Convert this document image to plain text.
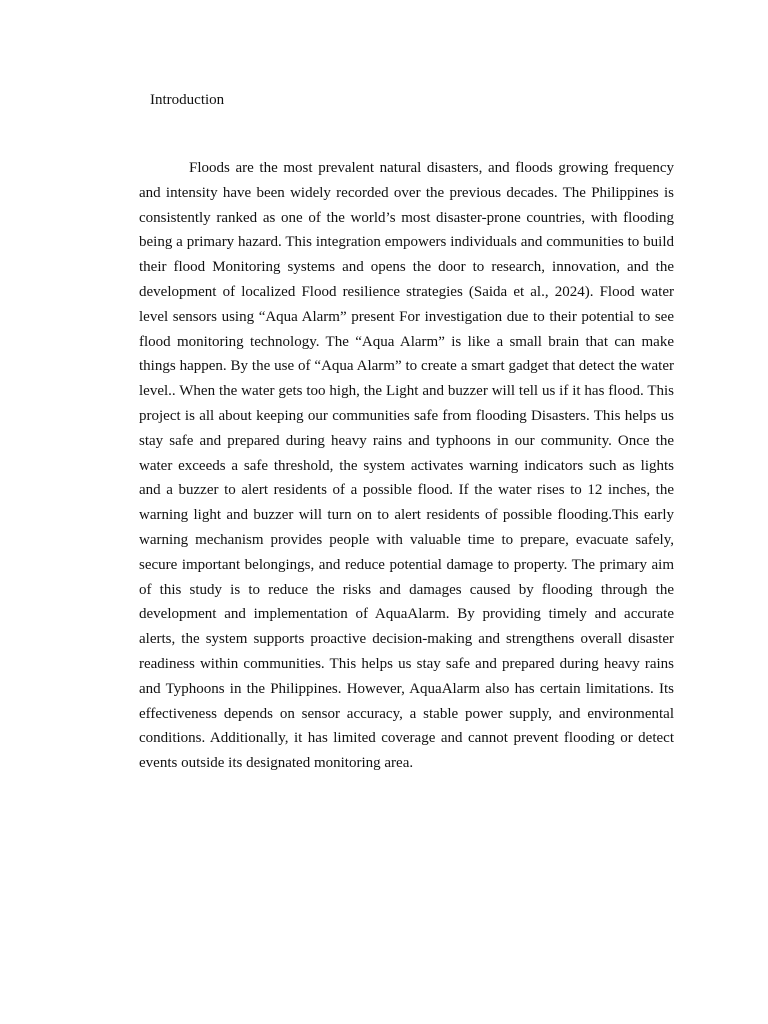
Introduction

Floods are the most prevalent natural disasters, and floods growing frequency and intensity have been widely recorded over the previous decades. The Philippines is consistently ranked as one of the world’s most disaster-prone countries, with flooding being a primary hazard. This integration empowers individuals and communities to build their flood Monitoring systems and opens the door to research, innovation, and the development of localized Flood resilience strategies (Saida et al., 2024). Flood water level sensors using “Aqua Alarm” present For investigation due to their potential to see flood monitoring technology. The “Aqua Alarm” is like a small brain that can make things happen. By the use of “Aqua Alarm” to create a smart gadget that detect the water level.. When the water gets too high, the Light and buzzer will tell us if it has flood. This project is all about keeping our communities safe from flooding Disasters. This helps us stay safe and prepared during heavy rains and typhoons in our community. Once the water exceeds a safe threshold, the system activates warning indicators such as lights and a buzzer to alert residents of a possible flood. If the water rises to 12 inches, the warning light and buzzer will turn on to alert residents of possible flooding.This early warning mechanism provides people with valuable time to prepare, evacuate safely, secure important belongings, and reduce potential damage to property. The primary aim of this study is to reduce the risks and damages caused by flooding through the development and implementation of AquaAlarm. By providing timely and accurate alerts, the system supports proactive decision-making and strengthens overall disaster readiness within communities. This helps us stay safe and prepared during heavy rains and Typhoons in the Philippines. However, AquaAlarm also has certain limitations. Its effectiveness depends on sensor accuracy, a stable power supply, and environmental conditions. Additionally, it has limited coverage and cannot prevent flooding or detect events outside its designated monitoring area.
